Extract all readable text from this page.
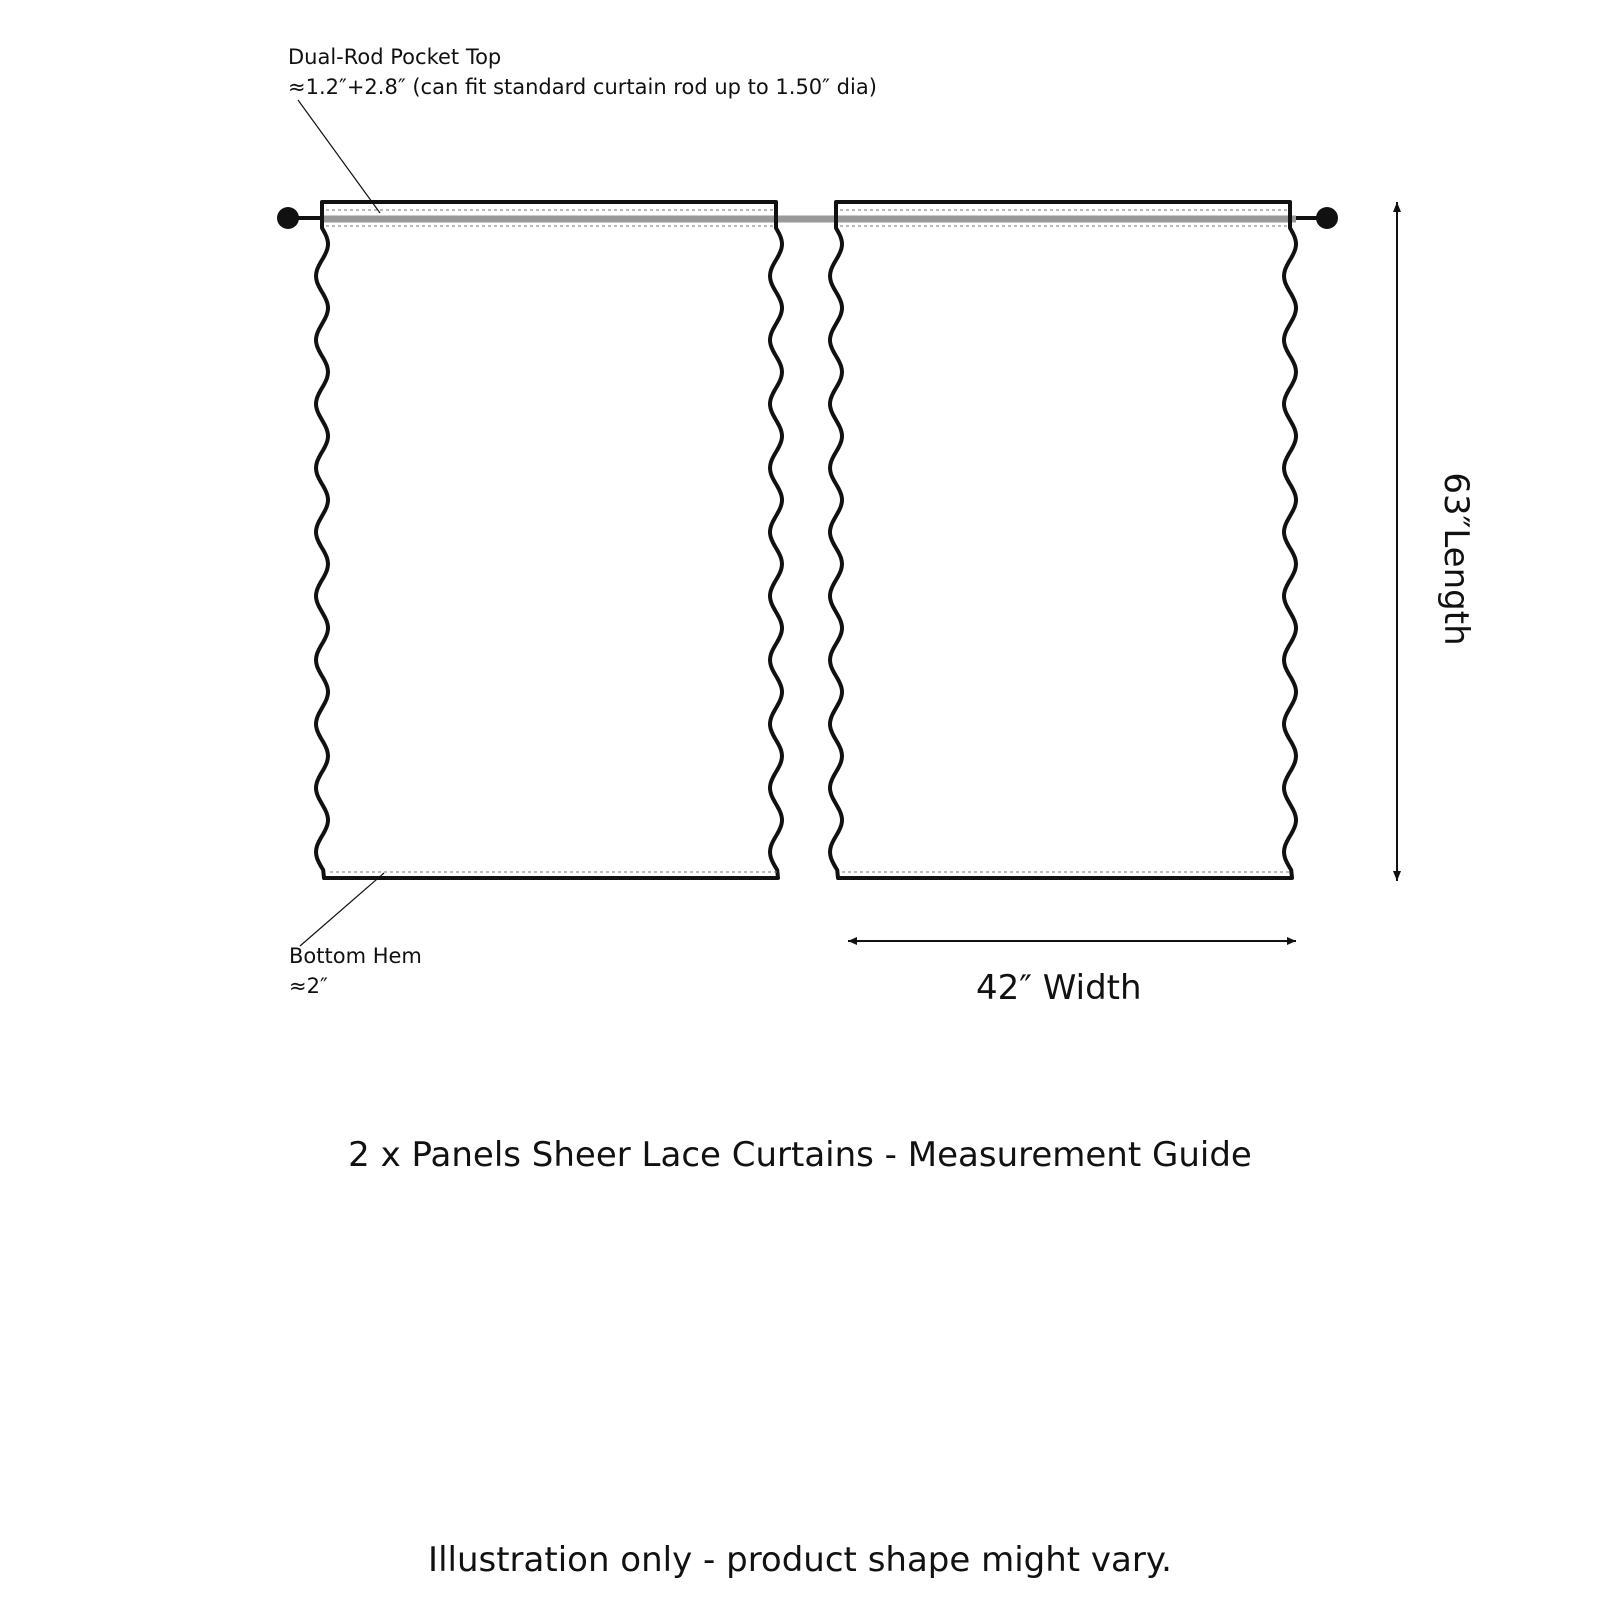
Dual-Rod Pocket Top
≈1.2″+2.8″ (can fit standard curtain rod up to 1.50″ dia)
Bottom Hem
≈2″	42″ Width
63″Length
2 x Panels Sheer Lace Curtains - Measurement Guide
Illustration only - product shape might vary.
